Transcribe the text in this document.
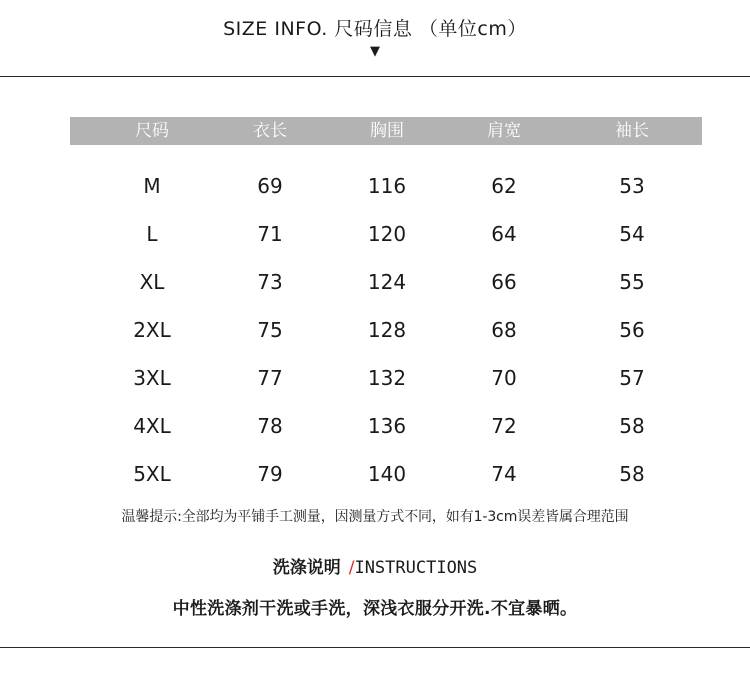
SIZE INFO. 尺码信息 （单位cm）
▼
尺码	衣长	胸围	肩宽	袖长
M	69	116	62	53
L	71	120	64	54
XL	73	124	66	55
2XL	75	128	68	56
3XL	77	132	70	57
4XL	78	136	72	58
5XL	79	140	74	58
温馨提示:全部均为平铺手工测量，因测量方式不同，如有1-3cm误差皆属合理范围
洗涤说明 /INSTRUCTIONS
中性洗涤剂干洗或手洗，深浅衣服分开洗.不宜暴晒。
